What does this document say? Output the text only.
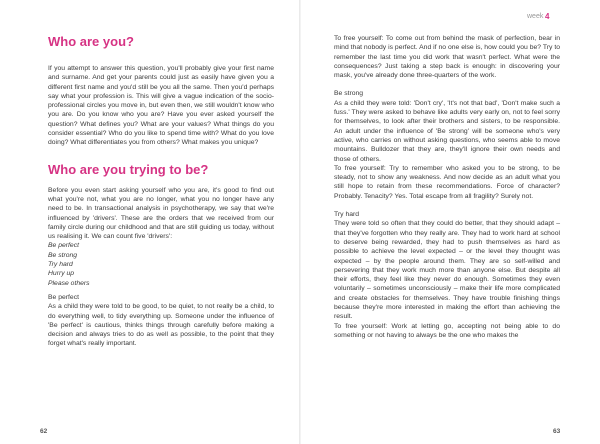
week 4
Who are you?

If you attempt to answer this question, you'll probably give your first name and surname. And get your parents could just as easily have given you a different first name and you'd still be you all the same. Then you'd perhaps say what your profession is. This will give a vague indication of the socio-professional circles you move in, but even then, we still wouldn't know who you are. Do you know who you are? Have you ever asked yourself the question? What defines you? What are your values? What things do you consider essential? Who do you like to spend time with? What do you love doing? What differentiates you from others? What makes you unique?

Who are you trying to be?

Before you even start asking yourself who you are, it's good to find out what you're not, what you are no longer, what you no longer have any need to be. In transactional analysis in psychotherapy, we say that we're influenced by 'drivers'. These are the orders that we received from our family circle during our childhood and that are still guiding us today, without us realising it. We can count five 'drivers':

Be perfect
Be strong
Try hard
Hurry up
Please others
Be perfect

As a child they were told to be good, to be quiet, to not really be a child, to do everything well, to tidy everything up. Someone under the influence of 'Be perfect' is cautious, thinks things through carefully before making a decision and always tries to do as well as possible, to the point that they forget what's really important.

To free yourself: To come out from behind the mask of perfection, bear in mind that nobody is perfect. And if no one else is, how could you be? Try to remember the last time you did work that wasn't perfect. What were the consequences? Just taking a step back is enough: in discovering your mask, you've already done three-quarters of the work.

Be strong

As a child they were told: 'Don't cry', 'It's not that bad', 'Don't make such a fuss.' They were asked to behave like adults very early on, not to feel sorry for themselves, to look after their brothers and sisters, to be responsible. An adult under the influence of 'Be strong' will be someone who's very active, who carries on without asking questions, who seems able to move mountains. Bulldozer that they are, they'll ignore their own needs and those of others.

To free yourself: Try to remember who asked you to be strong, to be steady, not to show any weakness. And now decide as an adult what you still hope to retain from these recommendations. Force of character? Probably. Tenacity? Yes. Total escape from all fragility? Surely not.

Try hard

They were told so often that they could do better, that they should adapt – that they've forgotten who they really are. They had to work hard at school to deserve being rewarded, they had to push themselves as hard as possible to achieve the level expected – or the level they thought was expected – by the people around them. They are so self-willed and persevering that they work much more than anyone else. But despite all their efforts, they feel like they never do enough. Sometimes they even voluntarily – sometimes unconsciously – make their life more complicated and create obstacles for themselves. They have trouble finishing things because they're more interested in making the effort than achieving the result.

To free yourself: Work at letting go, accepting not being able to do something or not having to always be the one who makes the

62	63
